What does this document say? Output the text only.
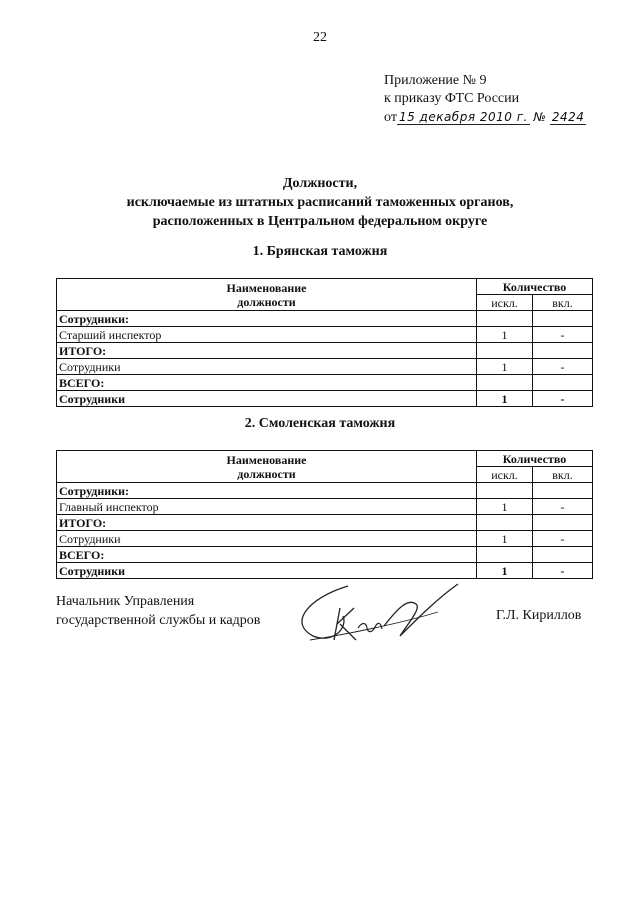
22
Приложение № 9
к приказу ФТС России
от 15 декабря 2010 г. № 2424
Должности,
исключаемые из штатных расписаний таможенных органов,
расположенных в Центральном федеральном округе
1. Брянская таможня
Наименование
должности	Количество	
	искл.	вкл.
Сотрудники:		
Старший инспектор	1	-
ИТОГО:		
Сотрудники	1	-
ВСЕГО:		
Сотрудники	1	-
2. Смоленская таможня
Наименование
должности	Количество	
	искл.	вкл.
Сотрудники:		
Главный инспектор	1	-
ИТОГО:		
Сотрудники	1	-
ВСЕГО:		
Сотрудники	1	-
Начальник Управления
государственной службы и кадров	Г.Л. Кириллов
